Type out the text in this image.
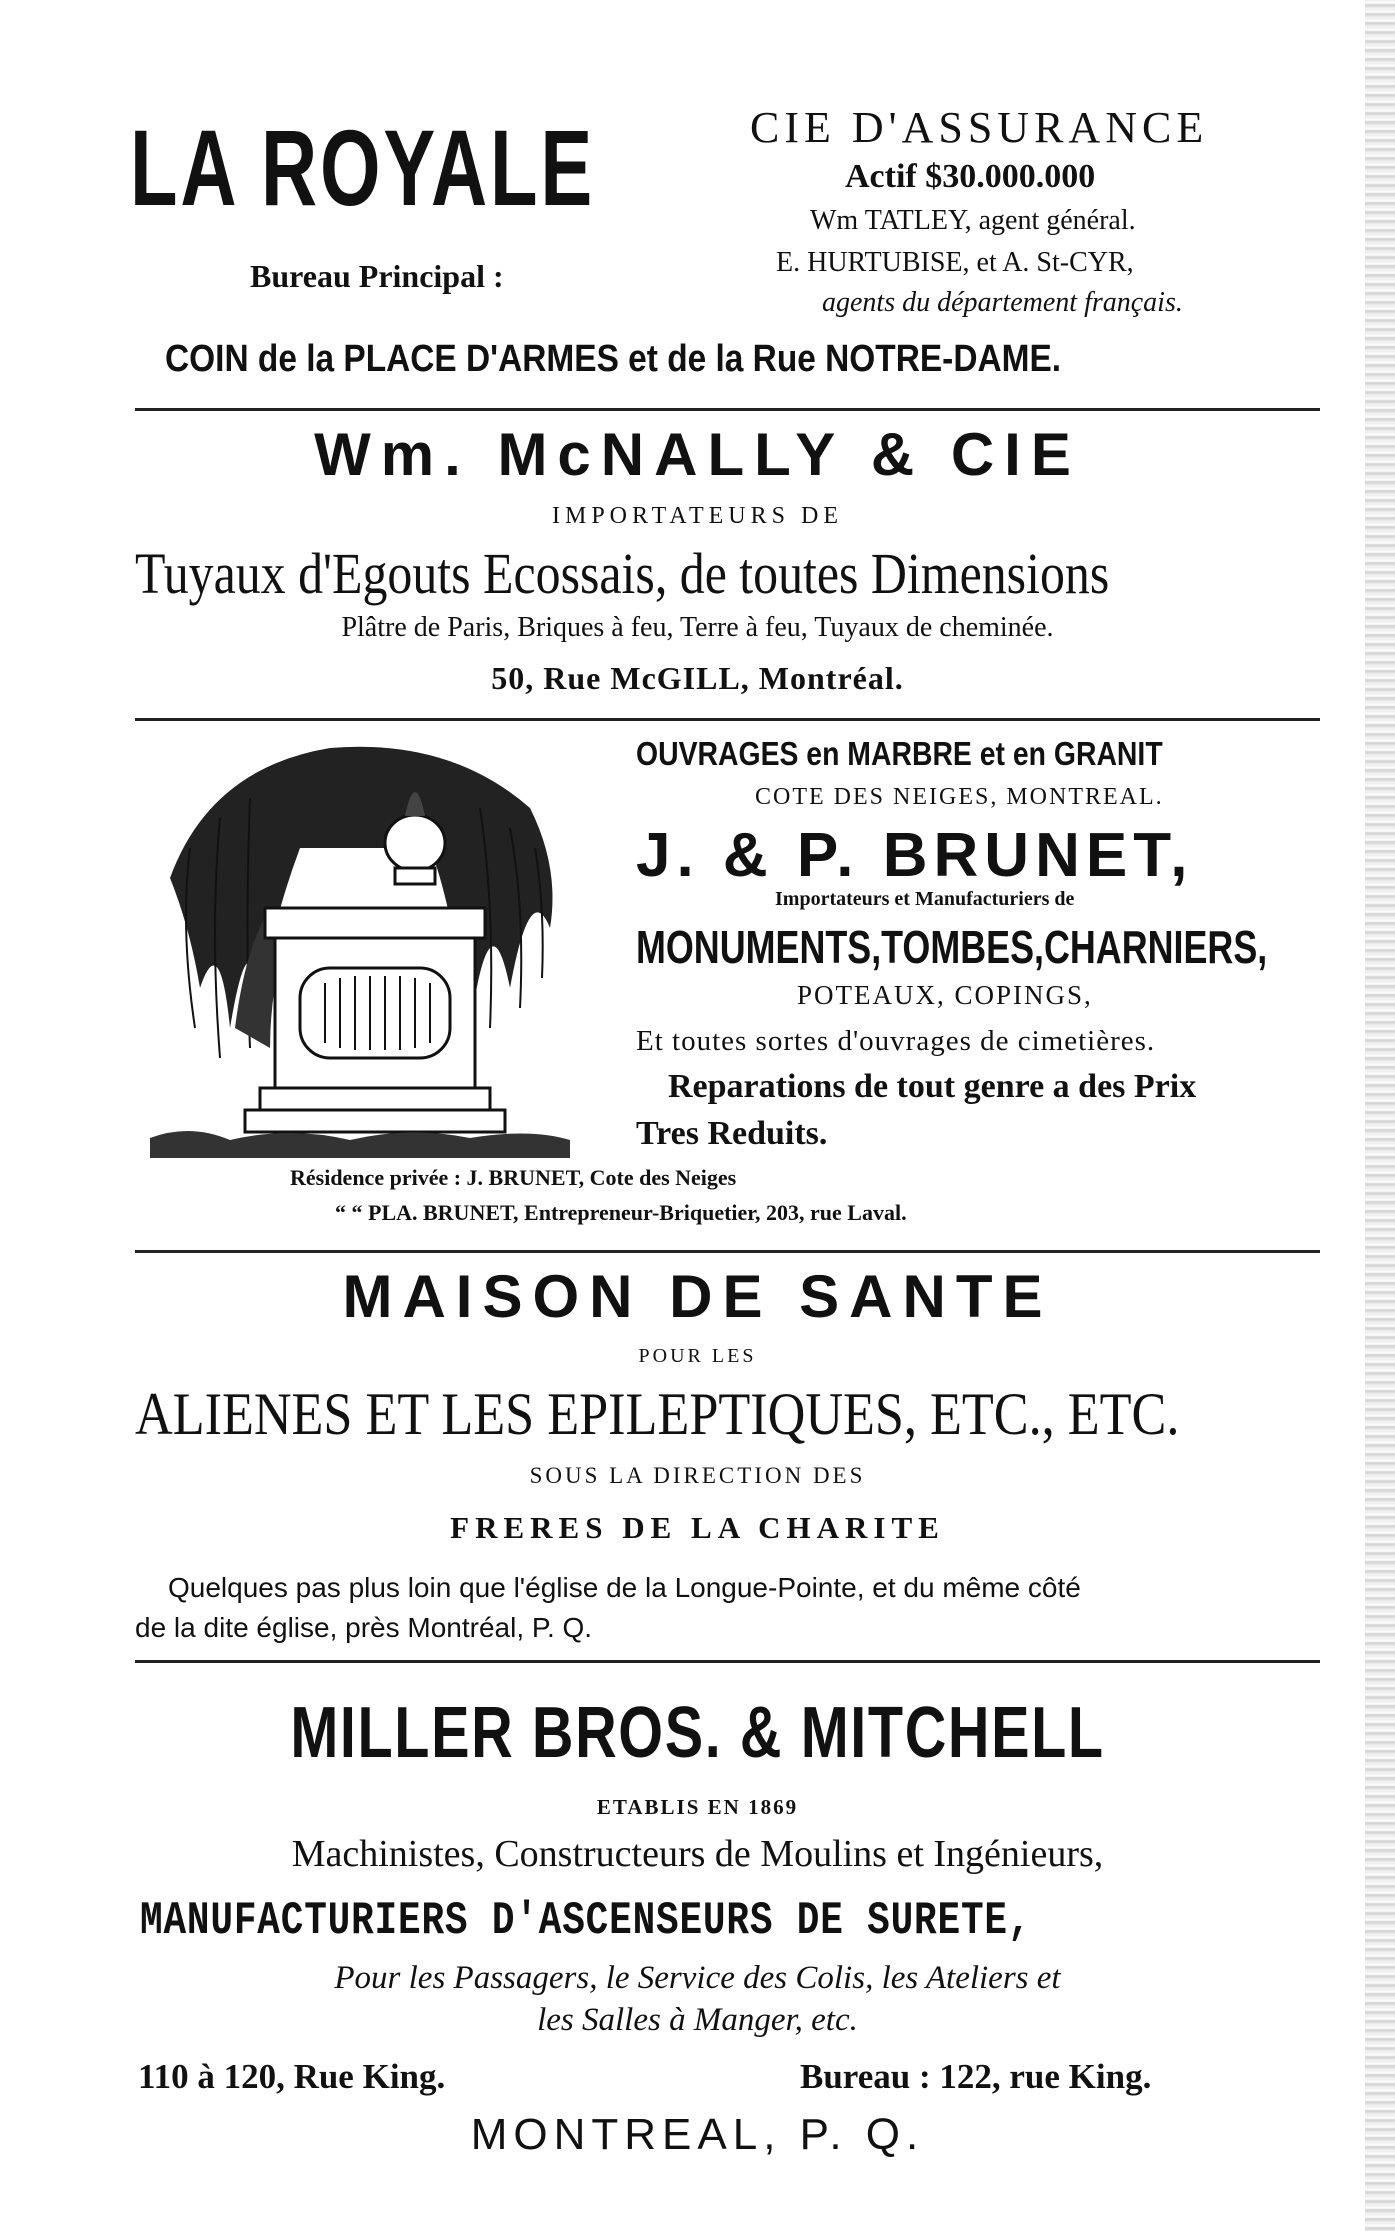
LA ROYALE
Bureau Principal :
CIE D'ASSURANCE
Actif $30.000.000
Wm TATLEY, agent général.
E. HURTUBISE, et A. St-CYR,
agents du département français.
COIN de la PLACE D'ARMES et de la Rue NOTRE-DAME.
Wm. McNALLY & CIE
IMPORTATEURS DE
Tuyaux d'Egouts Ecossais, de toutes Dimensions
Plâtre de Paris, Briques à feu, Terre à feu, Tuyaux de cheminée.
50, Rue McGILL, Montréal.
OUVRAGES en MARBRE et en GRANIT
COTE DES NEIGES, MONTREAL.
J. & P. BRUNET,
Importateurs et Manufacturiers de
MONUMENTS,TOMBES,CHARNIERS,
POTEAUX, COPINGS,
Et toutes sortes d'ouvrages de cimetières.
Reparations de tout genre a des Prix
Tres Reduits.
Résidence privée : J. BRUNET, Cote des Neiges
“ “ PLA. BRUNET, Entrepreneur-Briquetier, 203, rue Laval.
MAISON DE SANTE
POUR LES
ALIENES ET LES EPILEPTIQUES, ETC., ETC.
SOUS LA DIRECTION DES
FRERES DE LA CHARITE
Quelques pas plus loin que l'église de la Longue-Pointe, et du même côté
de la dite église, près Montréal, P. Q.
MILLER BROS. & MITCHELL
ETABLIS EN 1869
Machinistes, Constructeurs de Moulins et Ingénieurs,
MANUFACTURIERS D'ASCENSEURS DE SURETE,
Pour les Passagers, le Service des Colis, les Ateliers et
les Salles à Manger, etc.
110 à 120, Rue King.	Bureau : 122, rue King.
MONTREAL, P. Q.
